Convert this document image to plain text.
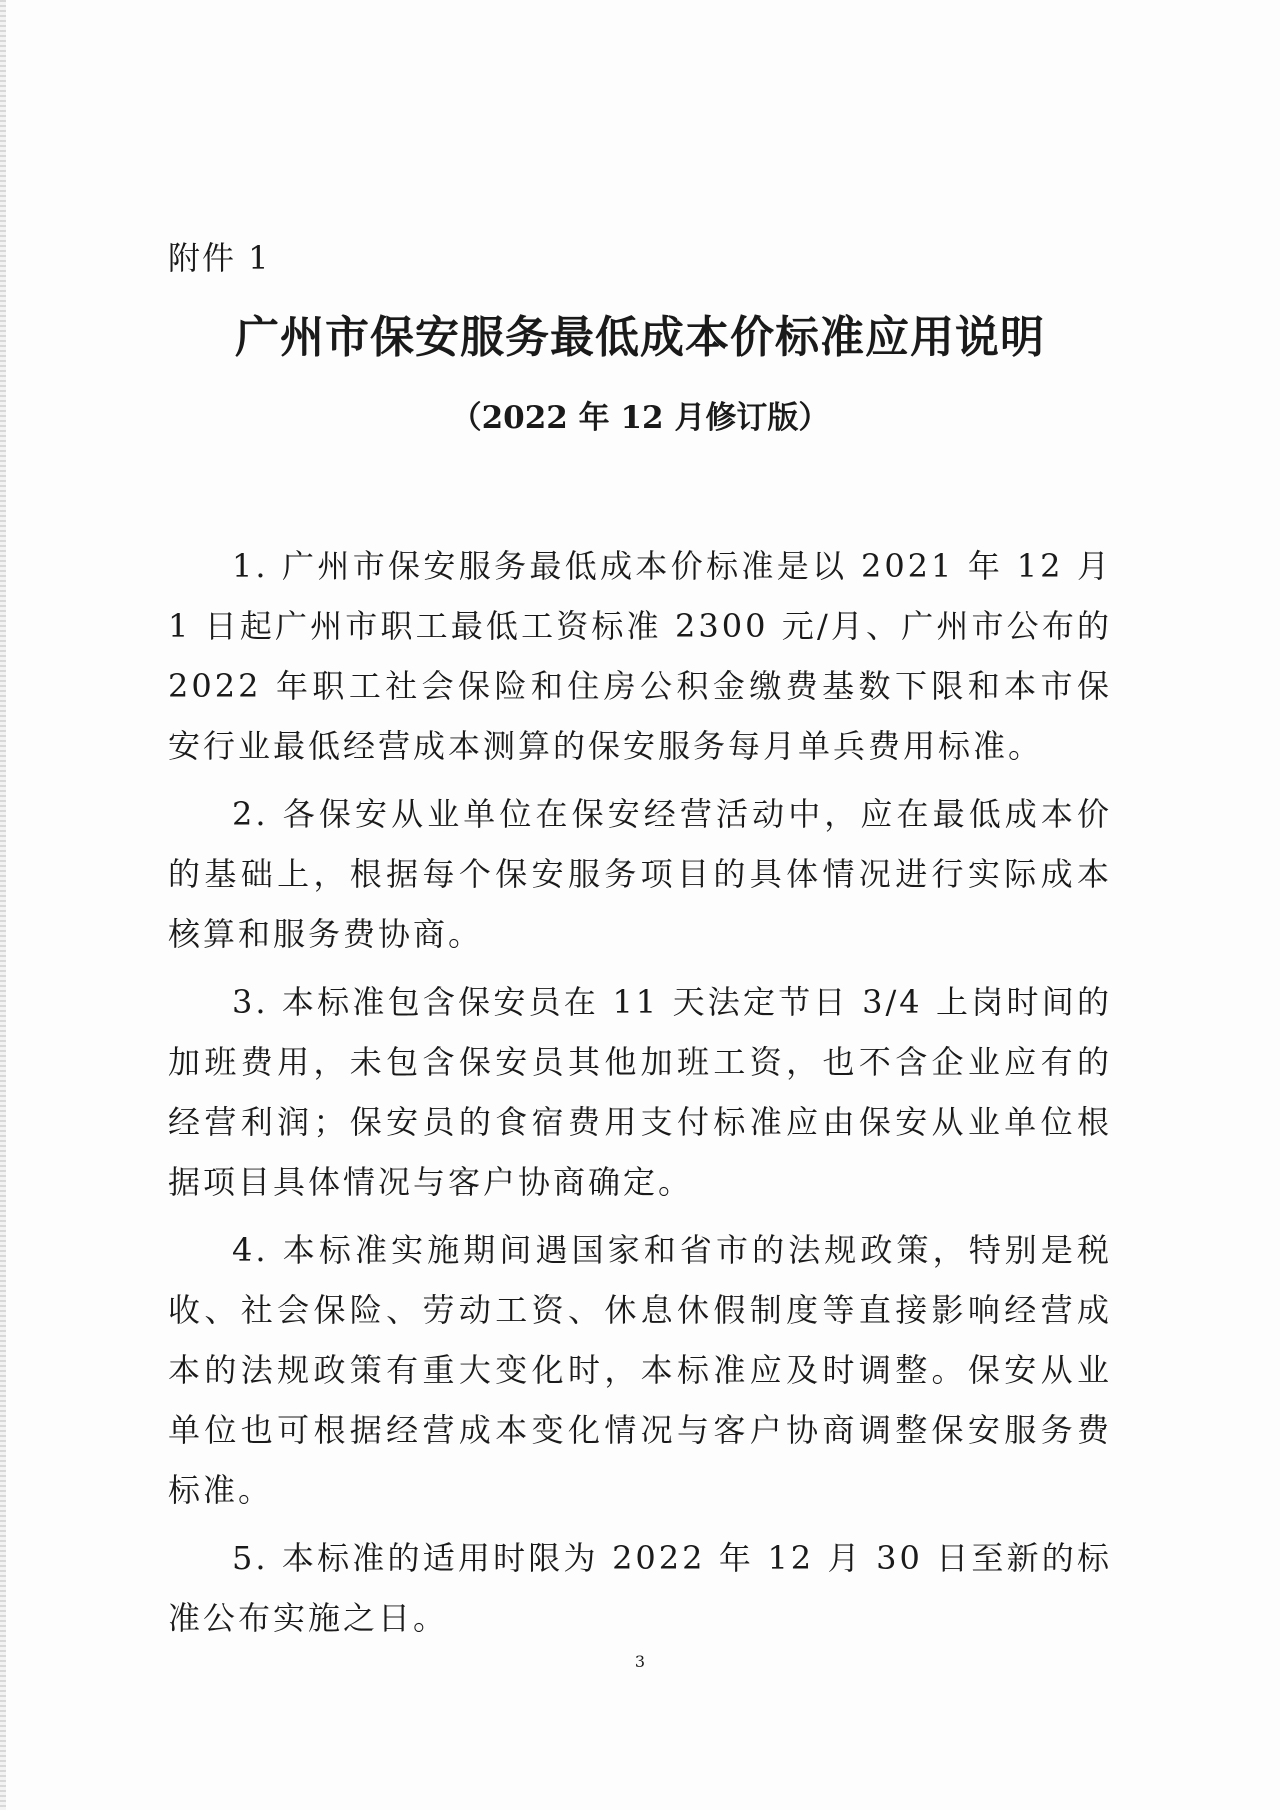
附件 1
广州市保安服务最低成本价标准应用说明
（2022 年 12 月修订版）

1. 广州市保安服务最低成本价标准是以 2021 年 12 月 1 日起广州市职工最低工资标准 2300 元/月、广州市公布的 2022 年职工社会保险和住房公积金缴费基数下限和本市保安行业最低经营成本测算的保安服务每月单兵费用标准。

2. 各保安从业单位在保安经营活动中，应在最低成本价的基础上，根据每个保安服务项目的具体情况进行实际成本核算和服务费协商。

3. 本标准包含保安员在 11 天法定节日 3/4 上岗时间的加班费用，未包含保安员其他加班工资，也不含企业应有的经营利润；保安员的食宿费用支付标准应由保安从业单位根据项目具体情况与客户协商确定。

4. 本标准实施期间遇国家和省市的法规政策，特别是税收、社会保险、劳动工资、休息休假制度等直接影响经营成本的法规政策有重大变化时，本标准应及时调整。保安从业单位也可根据经营成本变化情况与客户协商调整保安服务费标准。

5. 本标准的适用时限为 2022 年 12 月 30 日至新的标准公布实施之日。

3
